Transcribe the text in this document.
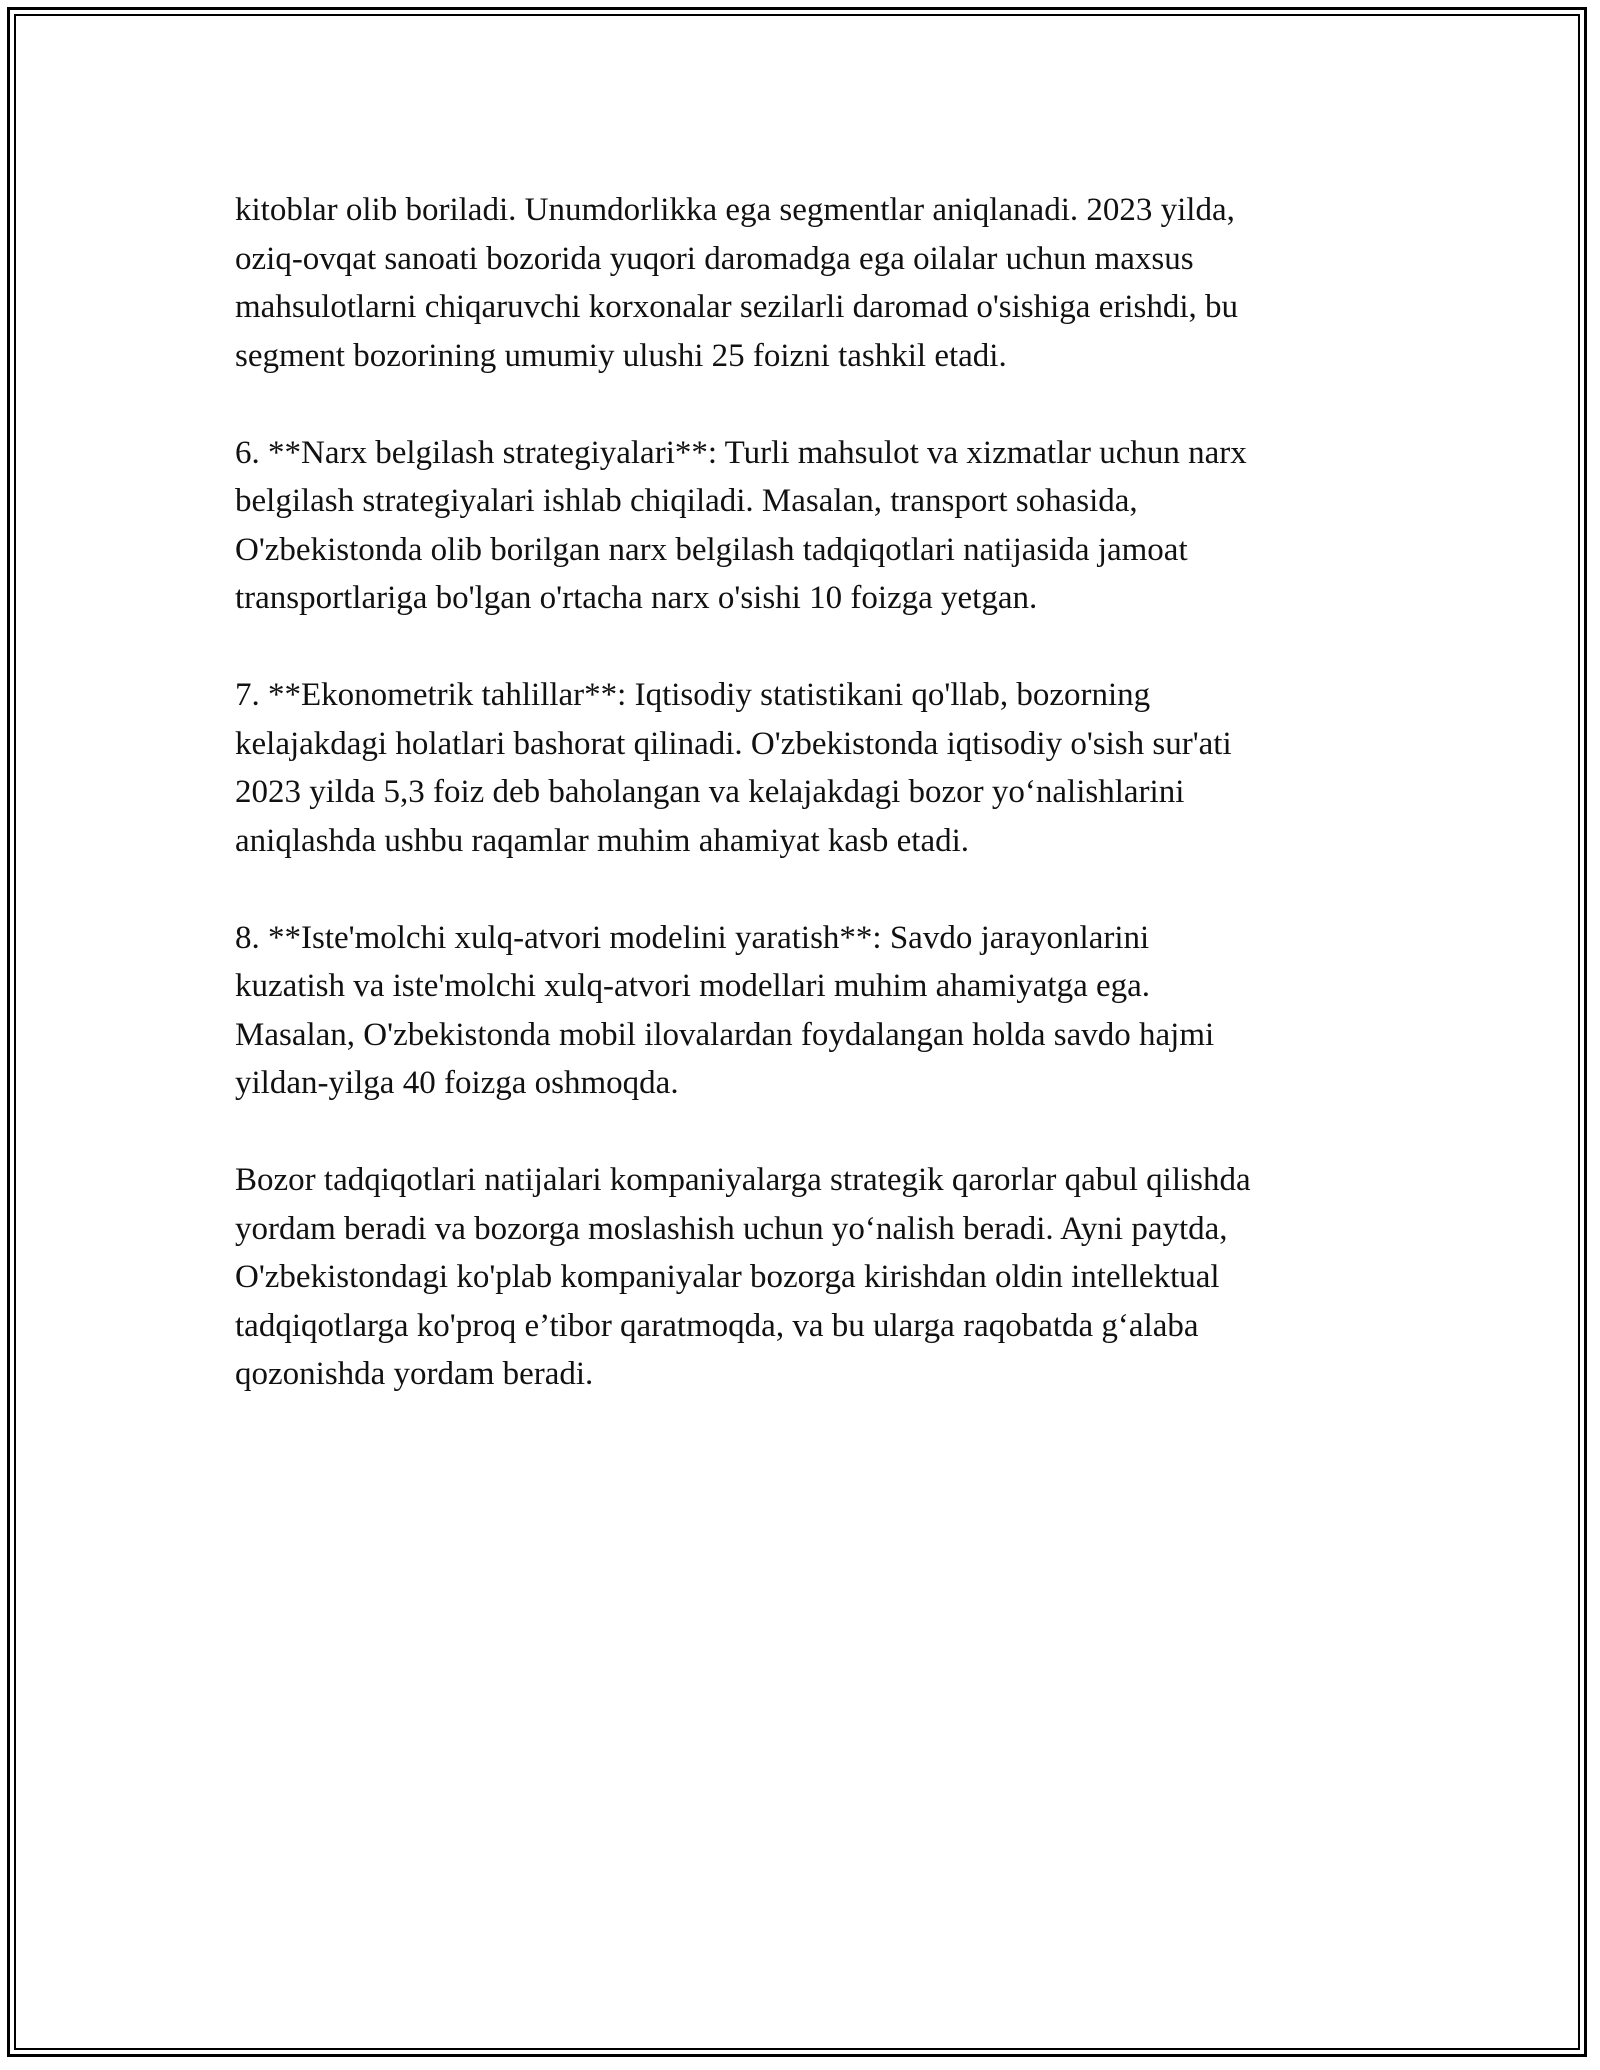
kitoblar olib boriladi. Unumdorlikka ega segmentlar aniqlanadi. 2023 yilda,
oziq-ovqat sanoati bozorida yuqori daromadga ega oilalar uchun maxsus
mahsulotlarni chiqaruvchi korxonalar sezilarli daromad o'sishiga erishdi, bu
segment bozorining umumiy ulushi 25 foizni tashkil etadi.

6. **Narx belgilash strategiyalari**: Turli mahsulot va xizmatlar uchun narx
belgilash strategiyalari ishlab chiqiladi. Masalan, transport sohasida,
O'zbekistonda olib borilgan narx belgilash tadqiqotlari natijasida jamoat
transportlariga bo'lgan o'rtacha narx o'sishi 10 foizga yetgan.

7. **Ekonometrik tahlillar**: Iqtisodiy statistikani qo'llab, bozorning
kelajakdagi holatlari bashorat qilinadi. O'zbekistonda iqtisodiy o'sish sur'ati
2023 yilda 5,3 foiz deb baholangan va kelajakdagi bozor yo‘nalishlarini
aniqlashda ushbu raqamlar muhim ahamiyat kasb etadi.

8. **Iste'molchi xulq-atvori modelini yaratish**: Savdo jarayonlarini
kuzatish va iste'molchi xulq-atvori modellari muhim ahamiyatga ega.
Masalan, O'zbekistonda mobil ilovalardan foydalangan holda savdo hajmi
yildan-yilga 40 foizga oshmoqda.

Bozor tadqiqotlari natijalari kompaniyalarga strategik qarorlar qabul qilishda
yordam beradi va bozorga moslashish uchun yo‘nalish beradi. Ayni paytda,
O'zbekistondagi ko'plab kompaniyalar bozorga kirishdan oldin intellektual
tadqiqotlarga ko'proq e’tibor qaratmoqda, va bu ularga raqobatda g‘alaba
qozonishda yordam beradi.
